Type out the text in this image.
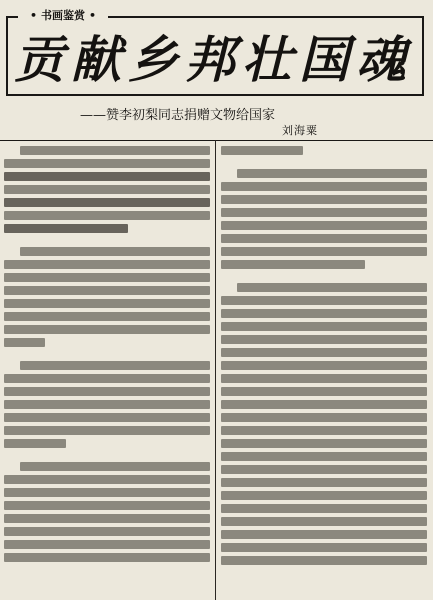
• 书画鉴赏 •
贡献乡邦壮国魂
——赞李初梨同志捐赠文物给国家
刘海粟
